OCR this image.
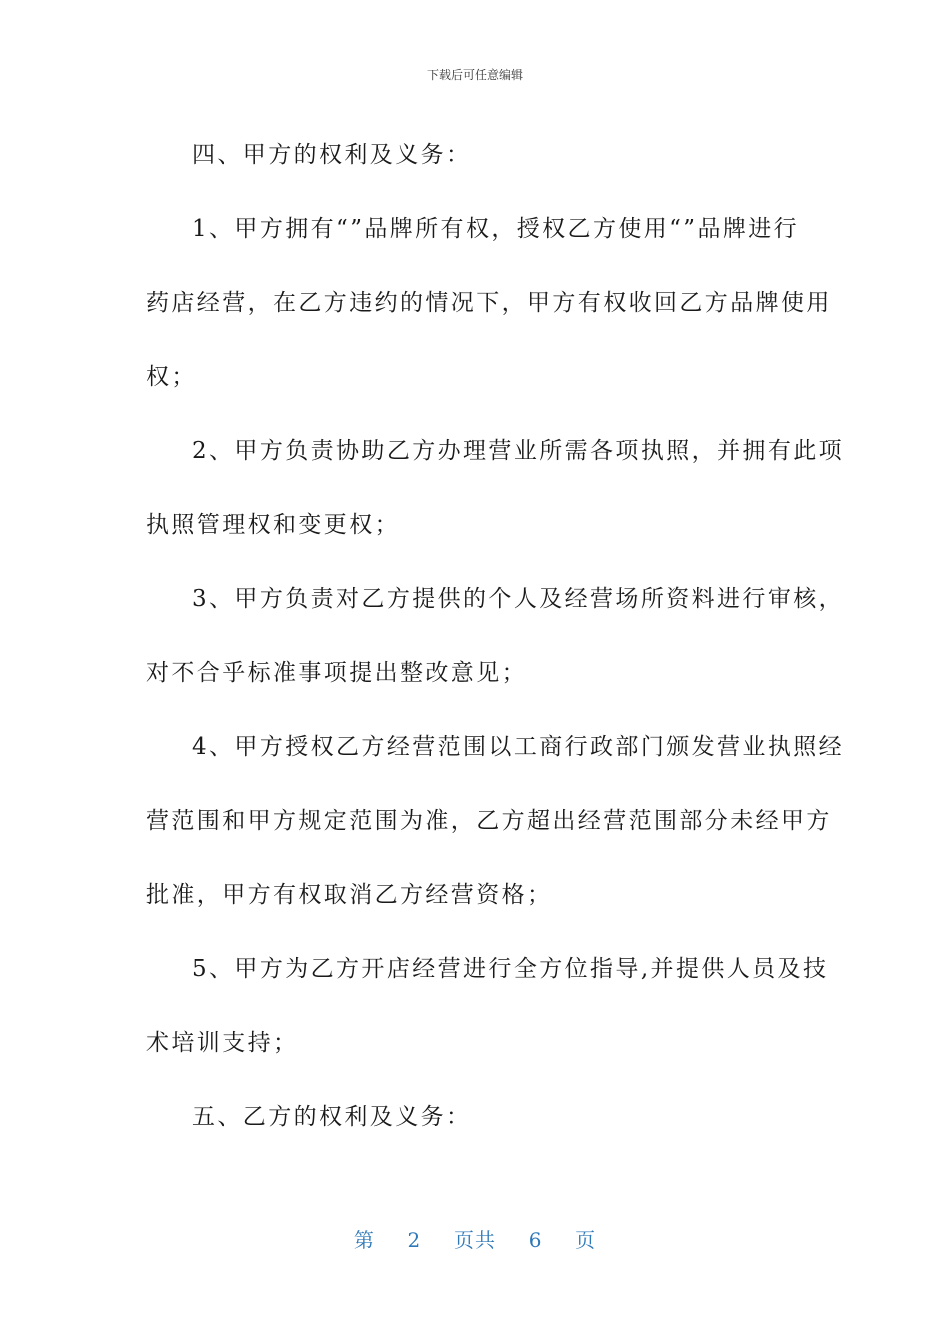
下载后可任意编辑

四、甲方的权利及义务：

1、甲方拥有“”品牌所有权，授权乙方使用“”品牌进行
药店经营，在乙方违约的情况下，甲方有权收回乙方品牌使用
权；

2、甲方负责协助乙方办理营业所需各项执照，并拥有此项
执照管理权和变更权；

3、甲方负责对乙方提供的个人及经营场所资料进行审核，
对不合乎标准事项提出整改意见；

4、甲方授权乙方经营范围以工商行政部门颁发营业执照经
营范围和甲方规定范围为准，乙方超出经营范围部分未经甲方
批准，甲方有权取消乙方经营资格；

5、甲方为乙方开店经营进行全方位指导,并提供人员及技
术培训支持；

五、乙方的权利及义务：

第 2 页共 6 页
